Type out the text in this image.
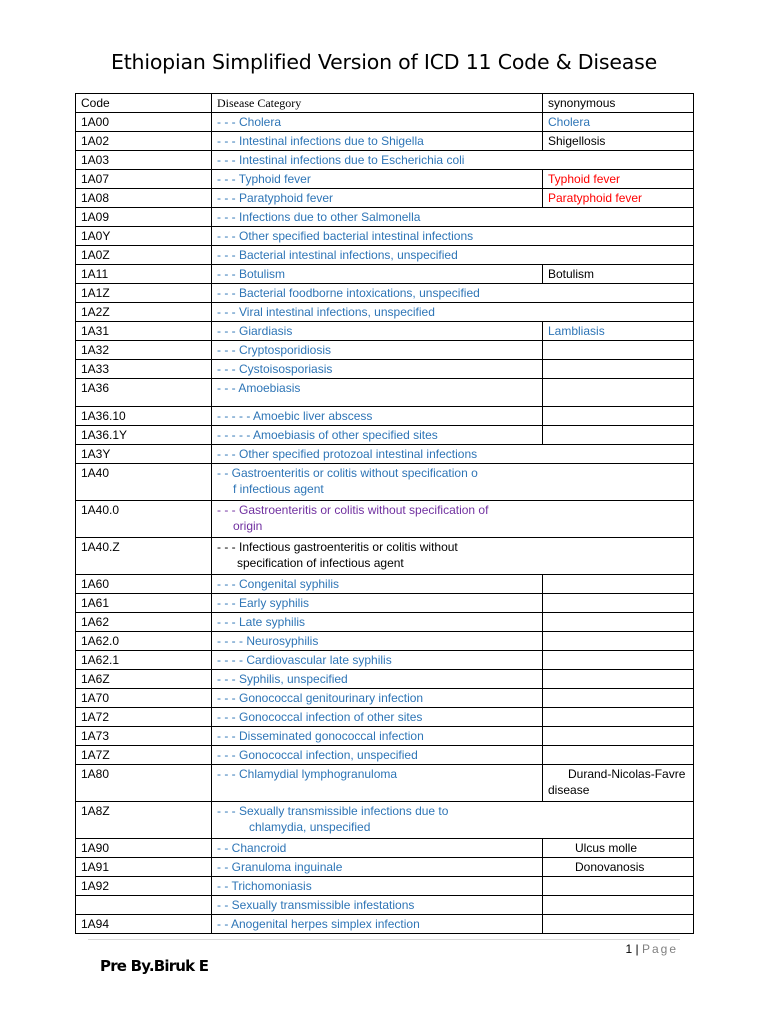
Ethiopian Simplified Version of ICD 11 Code & Disease
Code	Disease Category	synonymous
1A00	- - - Cholera	Cholera
1A02	- - - Intestinal infections due to Shigella	Shigellosis
1A03	- - - Intestinal infections due to Escherichia coli	
1A07	- - - Typhoid fever	Typhoid fever
1A08	- - - Paratyphoid fever	Paratyphoid fever
1A09	- - - Infections due to other Salmonella	
1A0Y	- - - Other specified bacterial intestinal infections	
1A0Z	- - - Bacterial intestinal infections, unspecified	
1A11	- - - Botulism	Botulism
1A1Z	- - - Bacterial foodborne intoxications, unspecified	
1A2Z	- - - Viral intestinal infections, unspecified	
1A31	- - - Giardiasis	Lambliasis
1A32	- - - Cryptosporidiosis	
1A33	- - - Cystoisosporiasis	
1A36	- - - Amoebiasis	
1A36.10	- - - - - Amoebic liver abscess	
1A36.1Y	- - - - - Amoebiasis of other specified sites	
1A3Y	- - - Other specified protozoal intestinal infections	
1A40	- - Gastroenteritis or colitis without specification o
f infectious agent	

1A40.0	- - - Gastroenteritis or colitis without specification of
origin	

1A40.Z	- - - Infectious gastroenteritis or colitis without
specification of infectious agent	

1A60	- - - Congenital syphilis	
1A61	- - - Early syphilis	
1A62	- - - Late syphilis	
1A62.0	- - - - Neurosyphilis	
1A62.1	- - - - Cardiovascular late syphilis	
1A6Z	- - - Syphilis, unspecified	
1A70	- - - Gonococcal genitourinary infection	
1A72	- - - Gonococcal infection of other sites	
1A73	- - - Disseminated gonococcal infection	
1A7Z	- - - Gonococcal infection, unspecified	
1A80	- - - Chlamydial lymphogranuloma	Durand-Nicolas-Favre
disease
1A8Z	- - - Sexually transmissible infections due to
chlamydia, unspecified	

1A90	- - Chancroid	Ulcus molle
1A91	- - Granuloma inguinale	Donovanosis
1A92	- - Trichomoniasis	
	- - Sexually transmissible infestations	
1A94	- - Anogenital herpes simplex infection	
1 | Page
Pre By.Biruk E
